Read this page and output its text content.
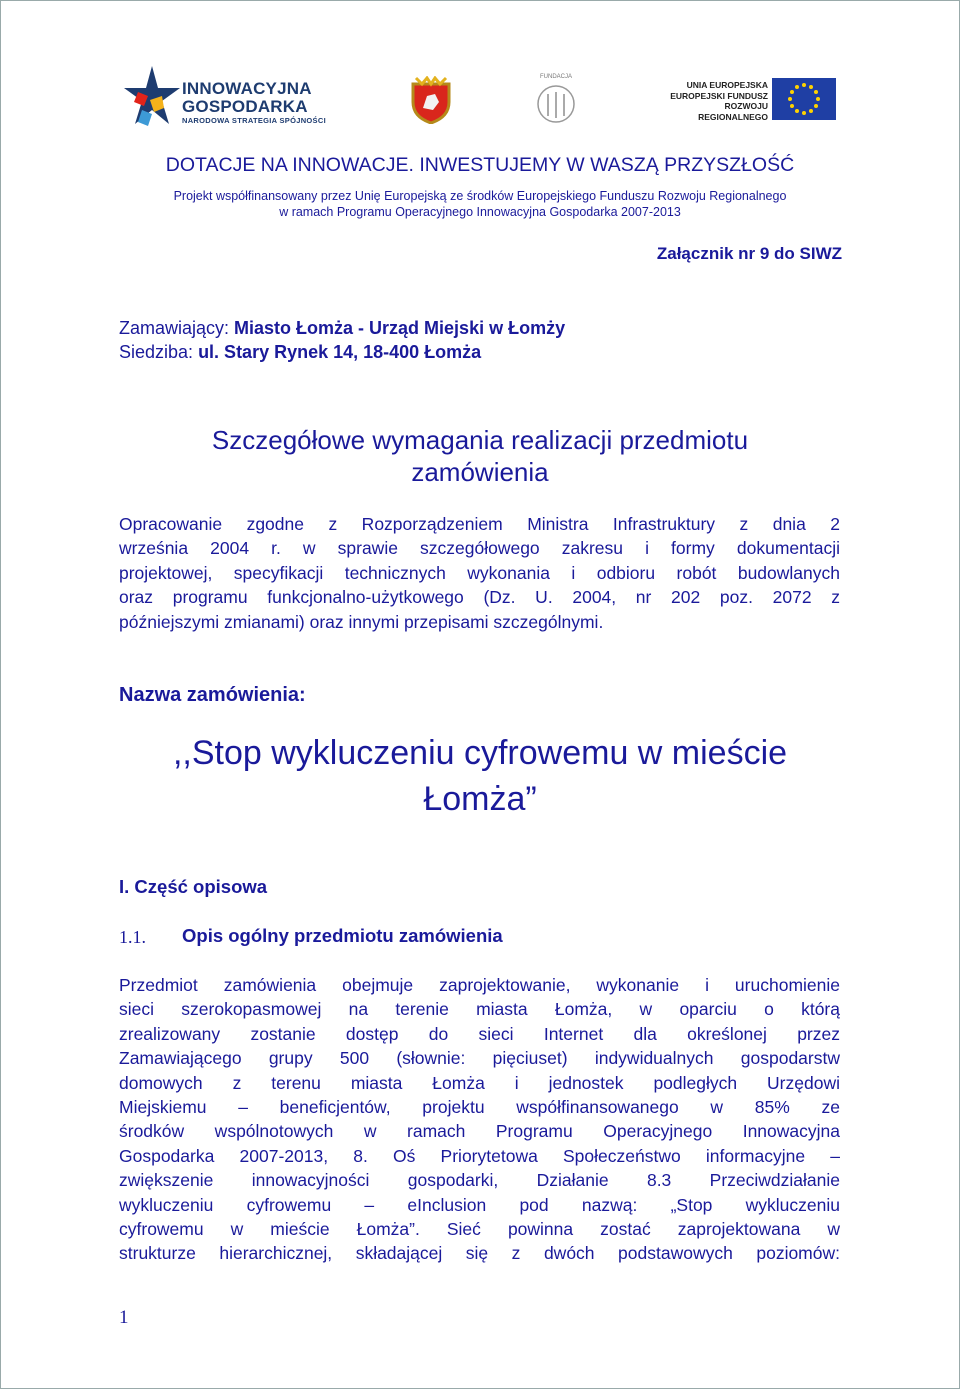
INNOWACYJNA
GOSPODARKA
NARODOWA STRATEGIA SPÓJNOŚCI
FUNDACJA
UNIA EUROPEJSKA
EUROPEJSKI FUNDUSZ
ROZWOJU REGIONALNEGO
DOTACJE NA INNOWACJE. INWESTUJEMY W WASZĄ PRZYSZŁOŚĆ
Projekt współfinansowany przez Unię Europejską ze środków Europejskiego Funduszu Rozwoju Regionalnego
w ramach Programu Operacyjnego Innowacyjna Gospodarka 2007-2013
Załącznik nr 9 do SIWZ
Zamawiający: Miasto Łomża - Urząd Miejski w Łomży
Siedziba: ul. Stary Rynek 14, 18-400 Łomża
Szczegółowe wymagania realizacji przedmiotu
zamówienia
Opracowanie zgodne z Rozporządzeniem Ministra Infrastruktury z dnia 2
września 2004 r. w sprawie szczegółowego zakresu i formy dokumentacji
projektowej, specyfikacji technicznych wykonania i odbioru robót budowlanych
oraz programu funkcjonalno-użytkowego (Dz. U. 2004, nr 202 poz. 2072 z
późniejszymi zmianami) oraz innymi przepisami szczególnymi.
Nazwa zamówienia:
,,Stop wykluczeniu cyfrowemu w mieście
Łomża”
I. Część opisowa
1.1. Opis ogólny przedmiotu zamówienia
Przedmiot zamówienia obejmuje zaprojektowanie, wykonanie i uruchomienie
sieci szerokopasmowej na terenie miasta Łomża, w oparciu o którą
zrealizowany zostanie dostęp do sieci Internet dla określonej przez
Zamawiającego grupy 500 (słownie: pięciuset) indywidualnych gospodarstw
domowych z terenu miasta Łomża i jednostek podległych Urzędowi
Miejskiemu – beneficjentów, projektu współfinansowanego w 85% ze
środków wspólnotowych w ramach Programu Operacyjnego Innowacyjna
Gospodarka 2007-2013, 8. Oś Priorytetowa Społeczeństwo informacyjne –
zwiększenie innowacyjności gospodarki, Działanie 8.3 Przeciwdziałanie
wykluczeniu cyfrowemu – eInclusion pod nazwą: „Stop wykluczeniu
cyfrowemu w mieście Łomża”. Sieć powinna zostać zaprojektowana w
strukturze hierarchicznej, składającej się z dwóch podstawowych poziomów:
1
